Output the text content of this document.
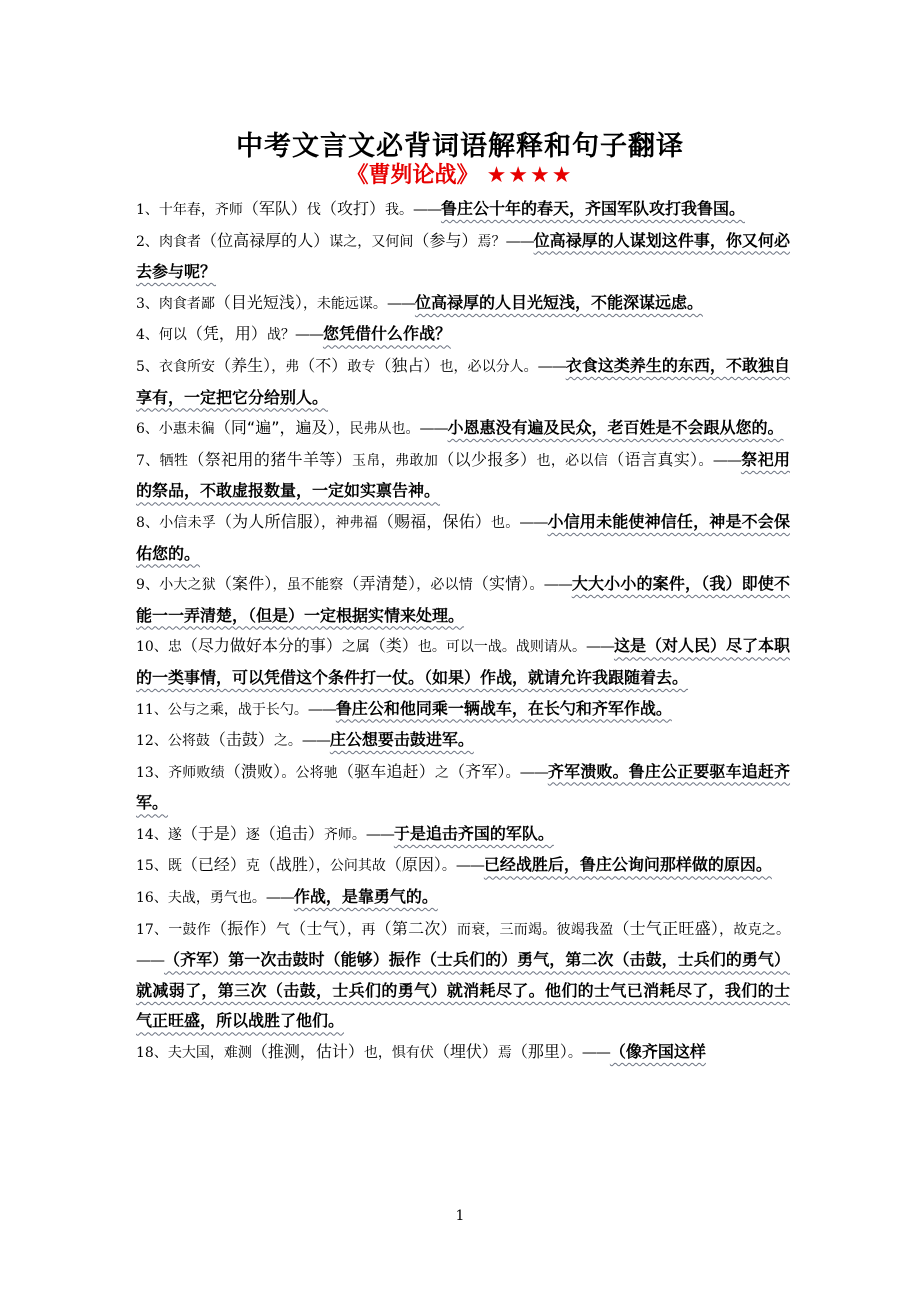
中考文言文必背词语解释和句子翻译
《曹刿论战》 ★★★★

1、十年春，齐师（军队）伐（攻打）我。——鲁庄公十年的春天，齐国军队攻打我鲁国。

2、肉食者（位高禄厚的人）谋之，又何间（参与）焉？——位高禄厚的人谋划这件事，你又何必去参与呢？

3、肉食者鄙（目光短浅），未能远谋。——位高禄厚的人目光短浅，不能深谋远虑。

4、何以（凭，用）战？——您凭借什么作战？

5、衣食所安（养生），弗（不）敢专（独占）也，必以分人。——衣食这类养生的东西，不敢独自享有，一定把它分给别人。

6、小惠未徧（同“遍”，遍及），民弗从也。——小恩惠没有遍及民众，老百姓是不会跟从您的。

7、牺牲（祭祀用的猪牛羊等）玉帛，弗敢加（以少报多）也，必以信（语言真实）。——祭祀用的祭品，不敢虚报数量，一定如实禀告神。

8、小信未孚（为人所信服），神弗福（赐福，保佑）也。——小信用未能使神信任，神是不会保佑您的。

9、小大之狱（案件），虽不能察（弄清楚），必以情（实情）。——大大小小的案件，（我）即使不能一一弄清楚，（但是）一定根据实情来处理。

10、忠（尽力做好本分的事）之属（类）也。可以一战。战则请从。——这是（对人民）尽了本职的一类事情，可以凭借这个条件打一仗。（如果）作战，就请允许我跟随着去。

11、公与之乘，战于长勺。——鲁庄公和他同乘一辆战车，在长勺和齐军作战。

12、公将鼓（击鼓）之。——庄公想要击鼓进军。

13、齐师败绩（溃败）。公将驰（驱车追赶）之（齐军）。——齐军溃败。鲁庄公正要驱车追赶齐军。

14、遂（于是）逐（追击）齐师。——于是追击齐国的军队。

15、既（已经）克（战胜），公问其故（原因）。——已经战胜后，鲁庄公询问那样做的原因。

16、夫战，勇气也。——作战，是靠勇气的。

17、一鼓作（振作）气（士气），再（第二次）而衰，三而竭。彼竭我盈（士气正旺盛），故克之。——（齐军）第一次击鼓时（能够）振作（士兵们的）勇气，第二次（击鼓，士兵们的勇气）就减弱了，第三次（击鼓，士兵们的勇气）就消耗尽了。他们的士气已消耗尽了，我们的士气正旺盛，所以战胜了他们。

18、夫大国，难测（推测，估计）也，惧有伏（埋伏）焉（那里）。——（像齐国这样

1
